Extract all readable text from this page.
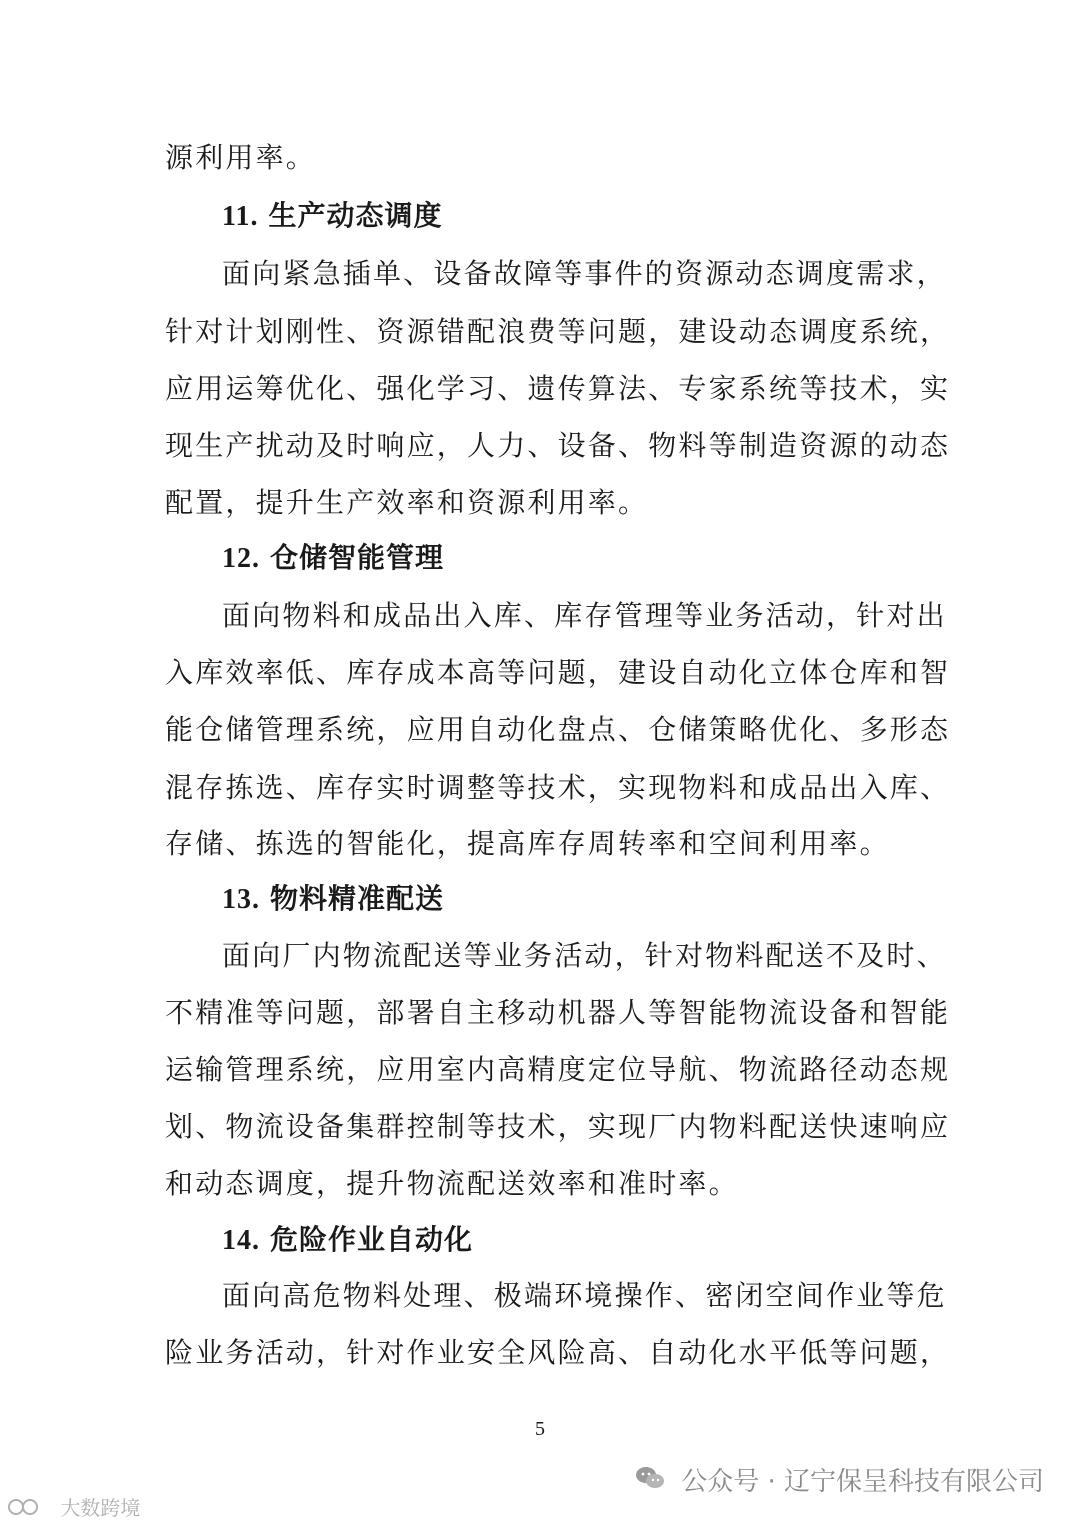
源利用率。
11. 生产动态调度
面向紧急插单、设备故障等事件的资源动态调度需求，
针对计划刚性、资源错配浪费等问题，建设动态调度系统，
应用运筹优化、强化学习、遗传算法、专家系统等技术，实
现生产扰动及时响应，人力、设备、物料等制造资源的动态
配置，提升生产效率和资源利用率。
12. 仓储智能管理
面向物料和成品出入库、库存管理等业务活动，针对出
入库效率低、库存成本高等问题，建设自动化立体仓库和智
能仓储管理系统，应用自动化盘点、仓储策略优化、多形态
混存拣选、库存实时调整等技术，实现物料和成品出入库、
存储、拣选的智能化，提高库存周转率和空间利用率。
13. 物料精准配送
面向厂内物流配送等业务活动，针对物料配送不及时、
不精准等问题，部署自主移动机器人等智能物流设备和智能
运输管理系统，应用室内高精度定位导航、物流路径动态规
划、物流设备集群控制等技术，实现厂内物料配送快速响应
和动态调度，提升物流配送效率和准时率。
14. 危险作业自动化
面向高危物料处理、极端环境操作、密闭空间作业等危
险业务活动，针对作业安全风险高、自动化水平低等问题，
5
公众号 · 辽宁保呈科技有限公司
大数跨境
